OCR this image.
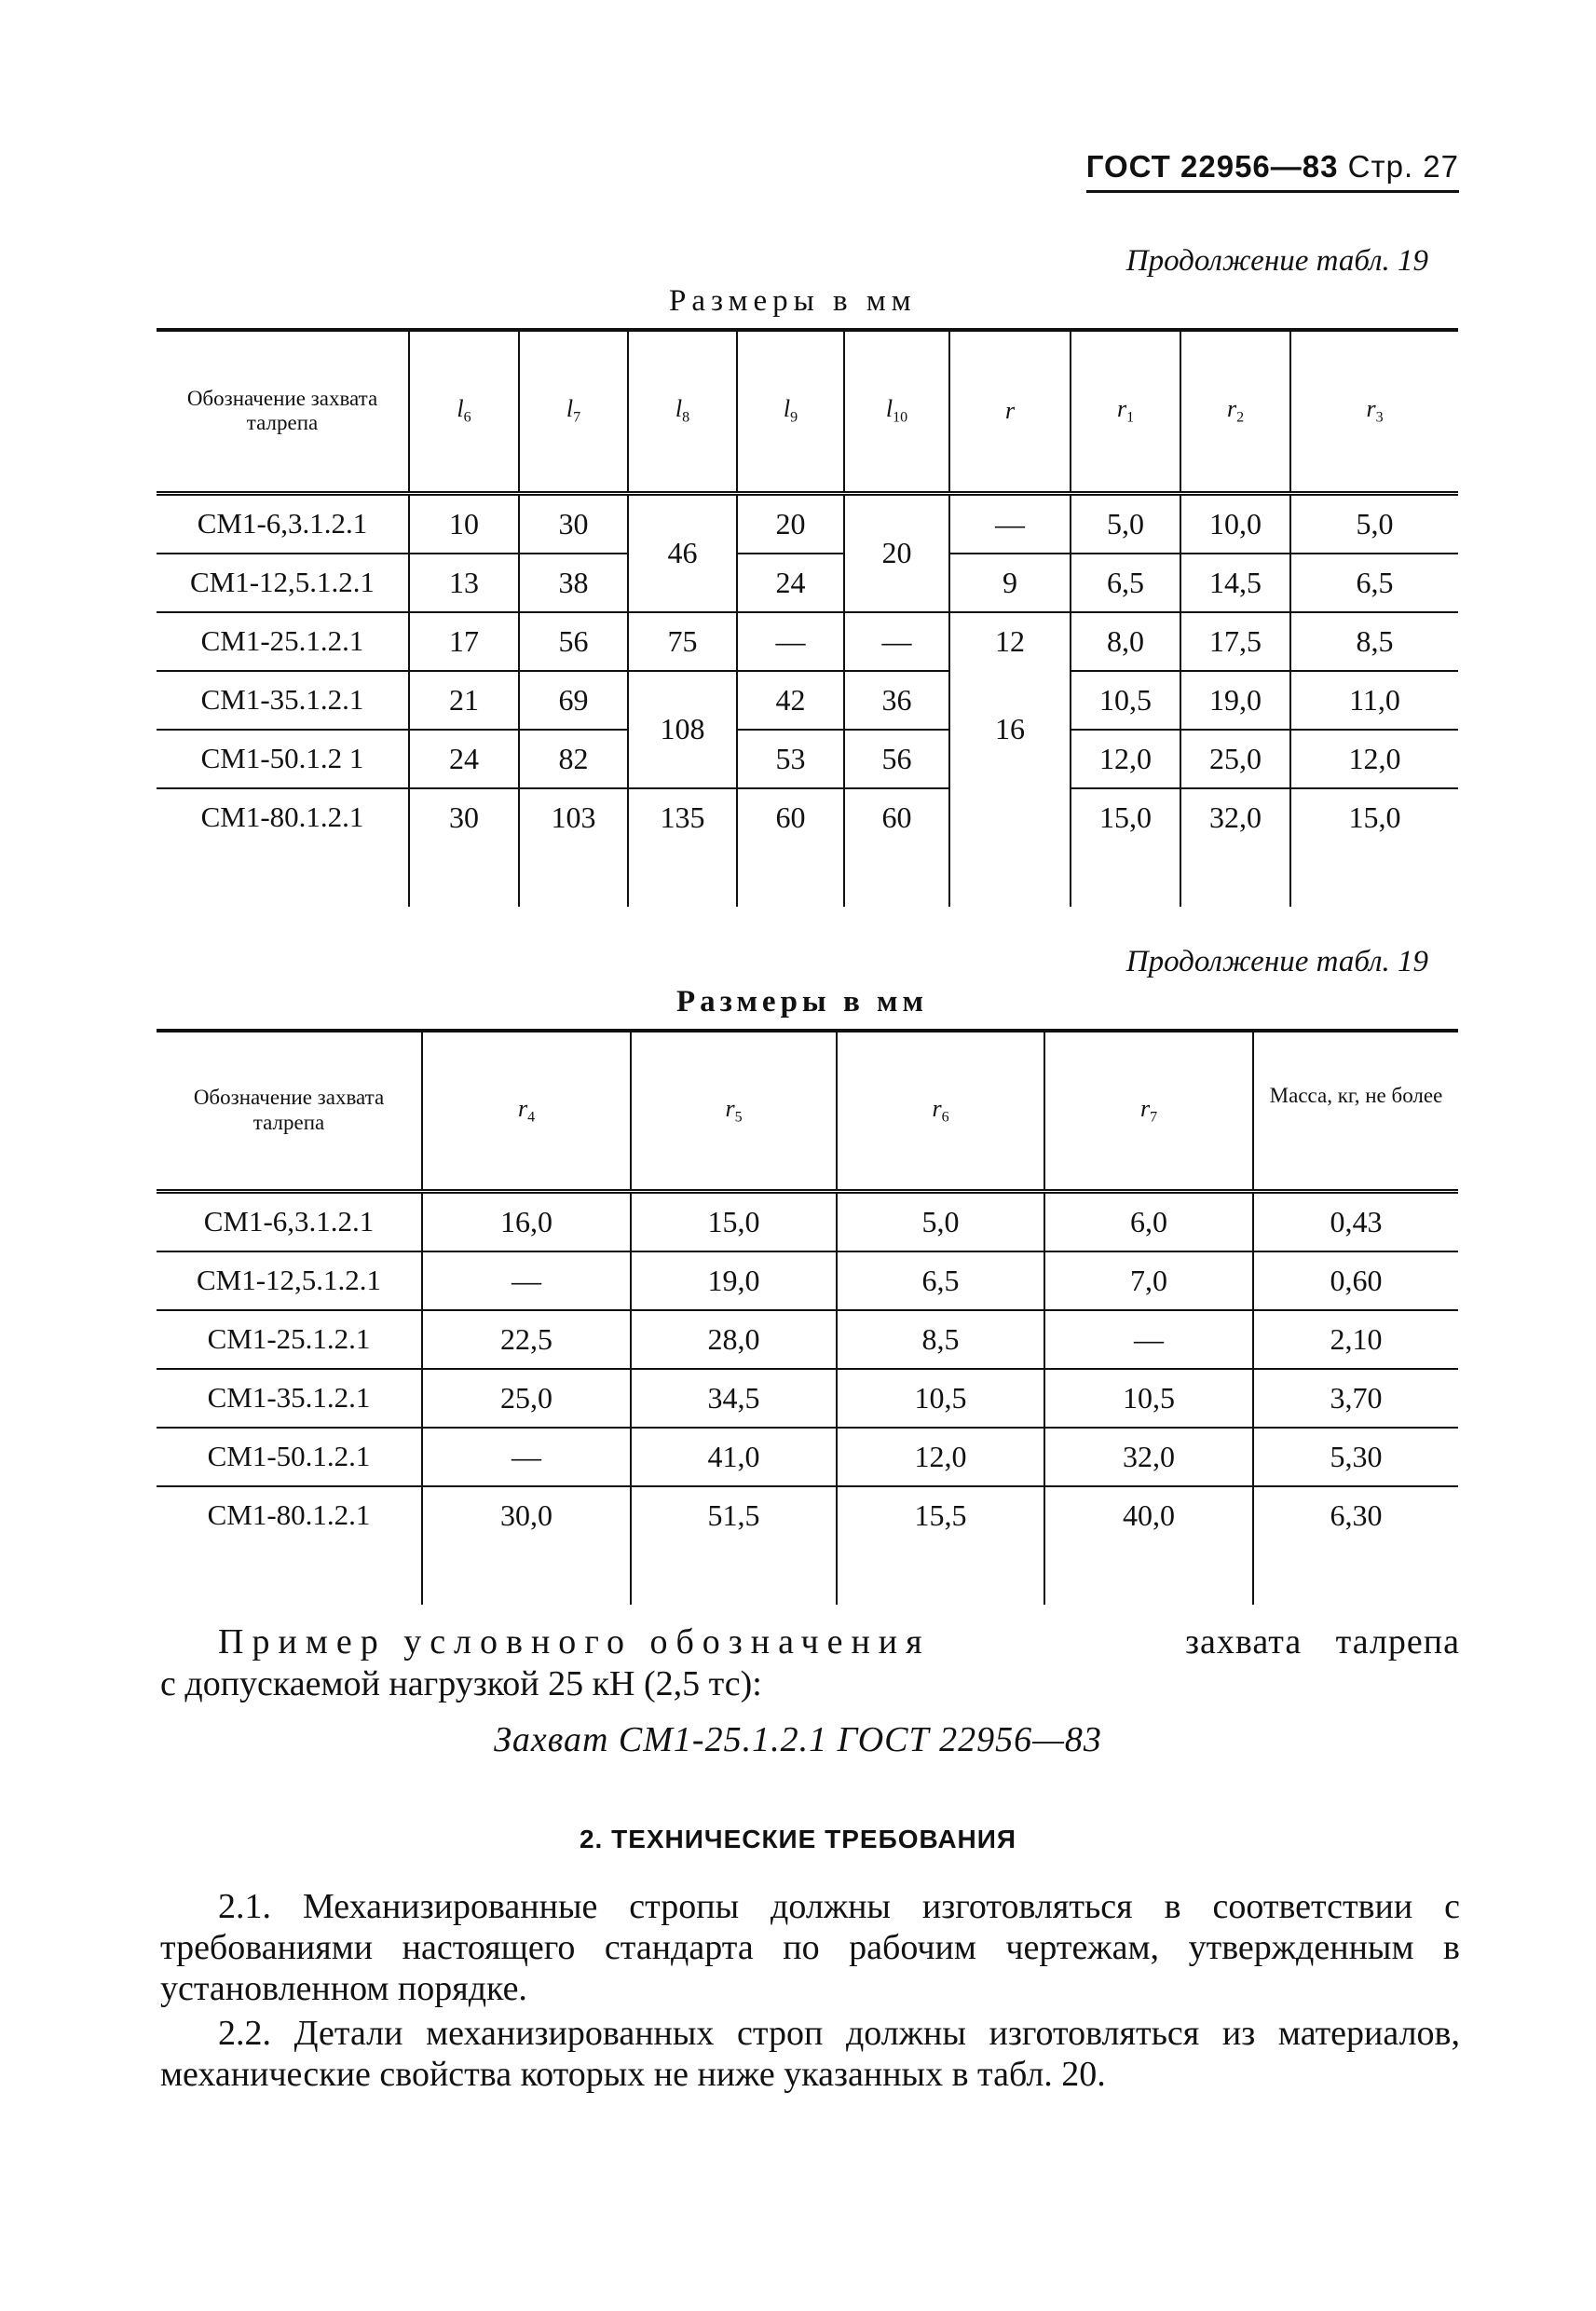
ГОСТ 22956—83 Стр. 27
Продолжение табл. 19
Размеры в мм
Обозначение захвата талрепа	$l_6$	$l_7$	$l_8$	$l_9$	$l_{10}$	r	$r_1$	$r_2$	$r_3$
СМ1-6,3.1.2.1	10	30	46	20	20	—	5,0	10,0	5,0
СМ1-12,5.1.2.1	13	38		24		9	6,5	14,5	6,5
СМ1-25.1.2.1	17	56	75	—	—	12	8,0	17,5	8,5
СМ1-35.1.2.1	21	69	108	42	36	16	10,5	19,0	11,0
СМ1-50.1.2 1	24	82		53	56		12,0	25,0	12,0
СМ1-80.1.2.1	30	103	135	60	60		15,0	32,0	15,0

Продолжение табл. 19
Размеры в мм
Обозначение захвата талрепа	$r_4$	$r_5$	$r_6$	$r_7$	Масса, кг, не более
СМ1-6,3.1.2.1	16,0	15,0	5,0	6,0	0,43
СМ1-12,5.1.2.1	—	19,0	6,5	7,0	0,60
СМ1-25.1.2.1	22,5	28,0	8,5	—	2,10
СМ1-35.1.2.1	25,0	34,5	10,5	10,5	3,70
СМ1-50.1.2.1	—	41,0	12,0	32,0	5,30
СМ1-80.1.2.1	30,0	51,5	15,5	40,0	6,30

Пример условного обозначения	захвата талрепа
с допускаемой нагрузкой 25 кН (2,5 тс):
Захват СМ1-25.1.2.1 ГОСТ 22956—83
2. ТЕХНИЧЕСКИЕ ТРЕБОВАНИЯ
2.1. Механизированные стропы должны изготовляться в соответствии с требованиями настоящего стандарта по рабочим чертежам, утвержденным в установленном порядке.
2.2. Детали механизированных строп должны изготовляться из материалов, механические свойства которых не ниже указанных в табл. 20.
